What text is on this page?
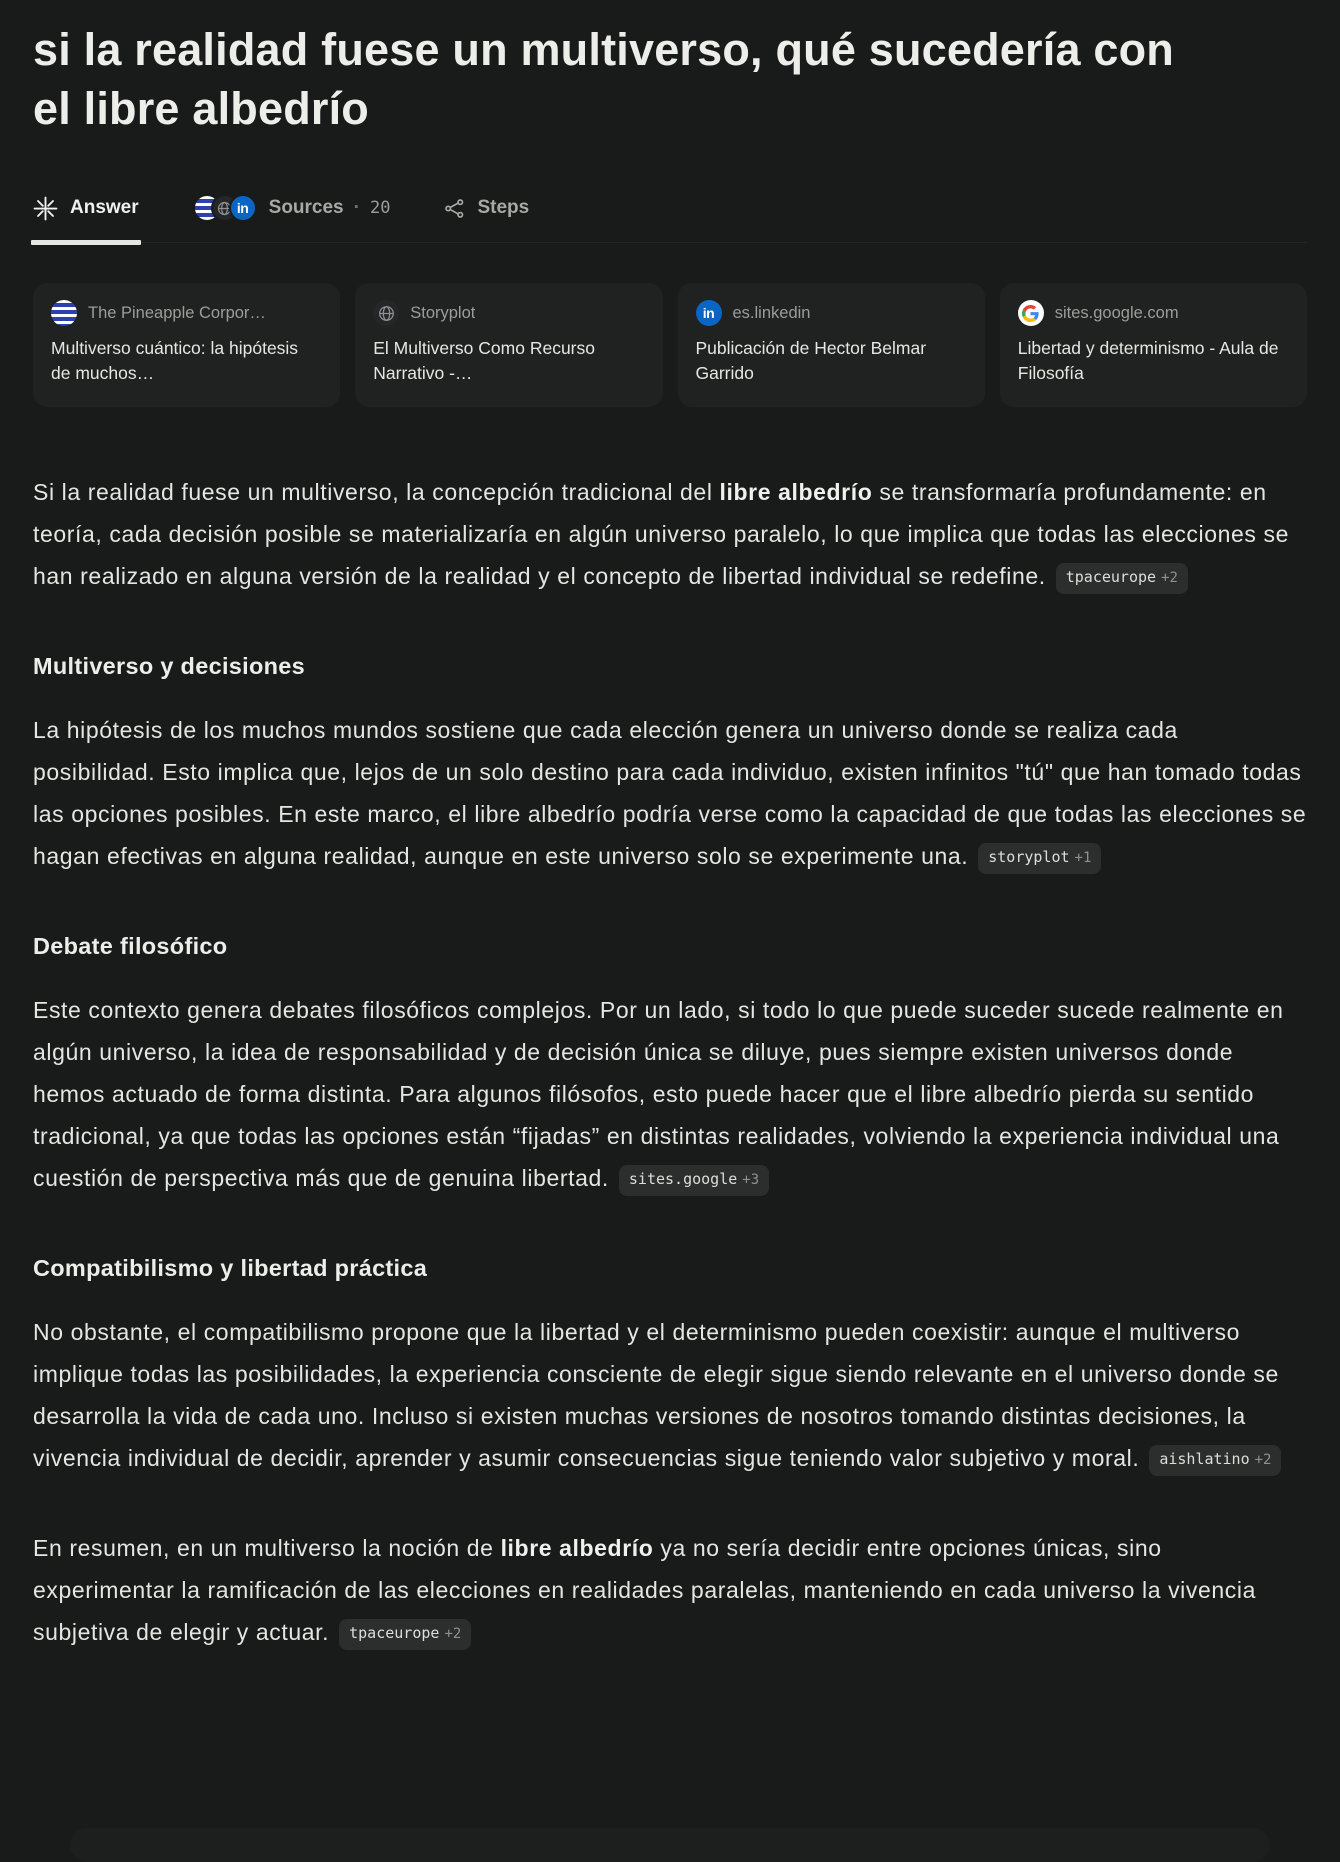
si la realidad fuese un multiverso, qué sucedería con el libre albedrío
Answer	in	Sources · 20	Steps
The Pineapple Corpor…
Multiverso cuántico: la hipótesis de muchos…
Storyplot
El Multiverso Como Recurso Narrativo -…
in	es.linkedin
Publicación de Hector Belmar Garrido
sites.google.com
Libertad y determinismo - Aula de Filosofía

Si la realidad fuese un multiverso, la concepción tradicional del libre albedrío se transformaría profundamente: en teoría, cada decisión posible se materializaría en algún universo paralelo, lo que implica que todas las elecciones se han realizado en alguna versión de la realidad y el concepto de libertad individual se redefine. tpaceurope +2

Multiverso y decisiones

La hipótesis de los muchos mundos sostiene que cada elección genera un universo donde se realiza cada posibilidad. Esto implica que, lejos de un solo destino para cada individuo, existen infinitos "tú" que han tomado todas las opciones posibles. En este marco, el libre albedrío podría verse como la capacidad de que todas las elecciones se hagan efectivas en alguna realidad, aunque en este universo solo se experimente una. storyplot +1

Debate filosófico

Este contexto genera debates filosóficos complejos. Por un lado, si todo lo que puede suceder sucede realmente en algún universo, la idea de responsabilidad y de decisión única se diluye, pues siempre existen universos donde hemos actuado de forma distinta. Para algunos filósofos, esto puede hacer que el libre albedrío pierda su sentido tradicional, ya que todas las opciones están “fijadas” en distintas realidades, volviendo la experiencia individual una cuestión de perspectiva más que de genuina libertad. sites.google +3

Compatibilismo y libertad práctica

No obstante, el compatibilismo propone que la libertad y el determinismo pueden coexistir: aunque el multiverso implique todas las posibilidades, la experiencia consciente de elegir sigue siendo relevante en el universo donde se desarrolla la vida de cada uno. Incluso si existen muchas versiones de nosotros tomando distintas decisiones, la vivencia individual de decidir, aprender y asumir consecuencias sigue teniendo valor subjetivo y moral. aishlatino +2

En resumen, en un multiverso la noción de libre albedrío ya no sería decidir entre opciones únicas, sino experimentar la ramificación de las elecciones en realidades paralelas, manteniendo en cada universo la vivencia subjetiva de elegir y actuar. tpaceurope +2
